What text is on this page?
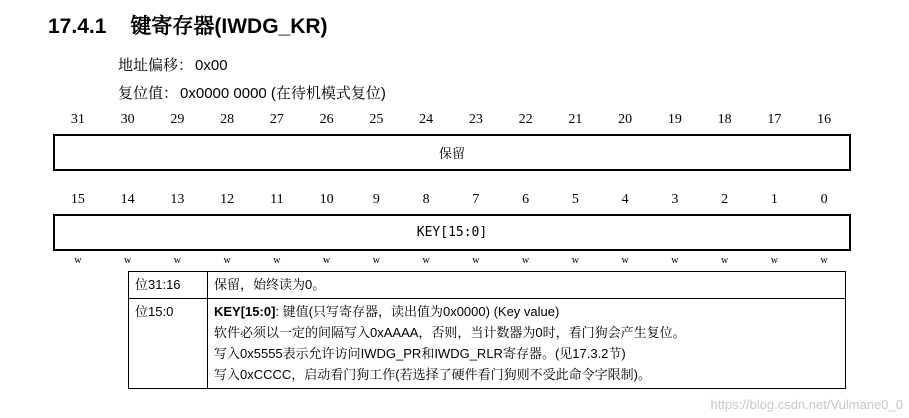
17.4.1 键寄存器(IWDG_KR)
地址偏移： 0x00
复位值： 0x0000 0000 (在待机模式复位)
31	30	29	28	27	26	25	24	23	22	21	20	19	18	17	16
保留
15	14	13	12	11	10	9	8	7	6	5	4	3	2	1	0
KEY[15:0]
w	w	w	w	w	w	w	w	w	w	w	w	w	w	w	w
位31:16	保留，始终读为0。

位15:0	KEY[15:0]: 键值(只写寄存器，读出值为0x0000) (Key value)
软件必须以一定的间隔写入0xAAAA，否则，当计数器为0时，看门狗会产生复位。
写入0x5555表示允许访问IWDG_PR和IWDG_RLR寄存器。(见17.3.2节)
写入0xCCCC，启动看门狗工作(若选择了硬件看门狗则不受此命令字限制)。
https://blog.csdn.net/Vulmane0_0
